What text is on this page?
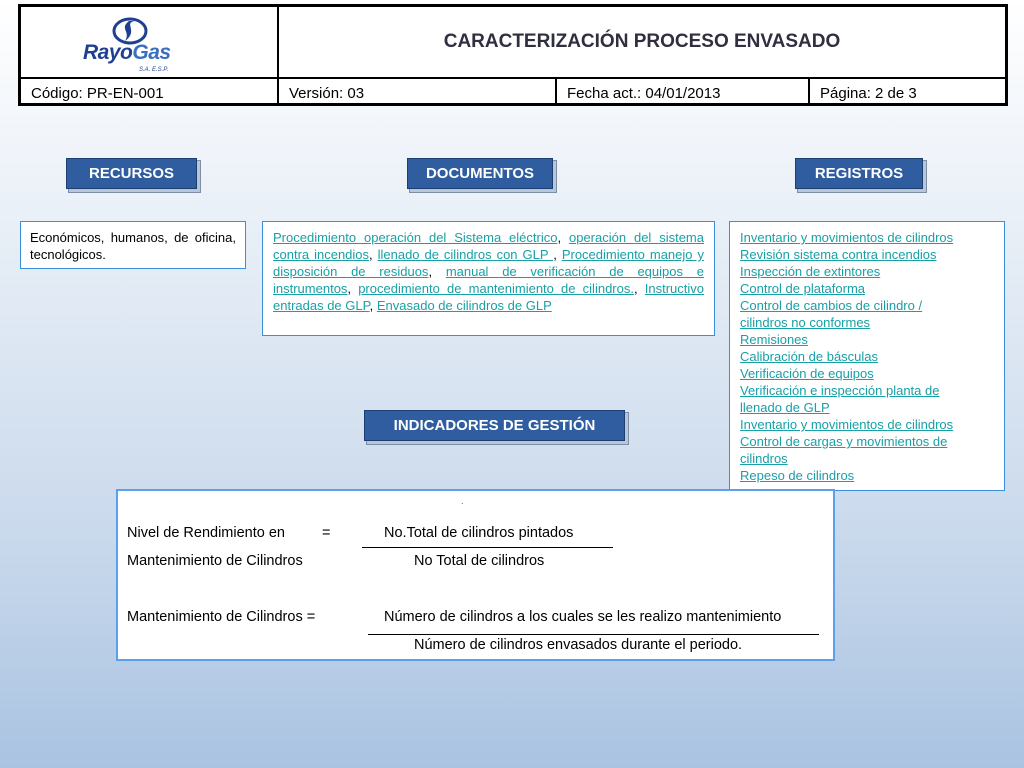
RayoGas
S.A. E.S.P.
CARACTERIZACIÓN PROCESO ENVASADO
Código: PR-EN-001	Versión: 03	Fecha act.: 04/01/2013	Página: 2 de 3
RECURSOS	DOCUMENTOS	REGISTROS
INDICADORES DE GESTIÓN
Económicos, humanos, de oficina, tecnológicos.
Procedimiento operación del Sistema eléctrico, operación del sistema contra incendios, llenado de cilindros con GLP , Procedimiento manejo y disposición de residuos, manual de verificación de equipos e instrumentos, procedimiento de mantenimiento de cilindros., Instructivo entradas de GLP, Envasado de cilindros de GLP
Inventario y movimientos de cilindros
Revisión sistema contra incendios
Inspección de extintores
Control de plataforma
Control de cambios de cilindro /
cilindros no conformes
Remisiones
Calibración de básculas
Verificación de equipos
Verificación e inspección planta de
llenado de GLP
Inventario y movimientos de cilindros
Control de cargas y movimientos de
cilindros
Repeso de cilindros
.
Nivel de Rendimiento en	=	No.Total de cilindros pintados
Mantenimiento de Cilindros	No Total de cilindros
Mantenimiento de Cilindros =	Número de cilindros a los cuales se les realizo mantenimiento
Número de cilindros envasados durante el periodo.
